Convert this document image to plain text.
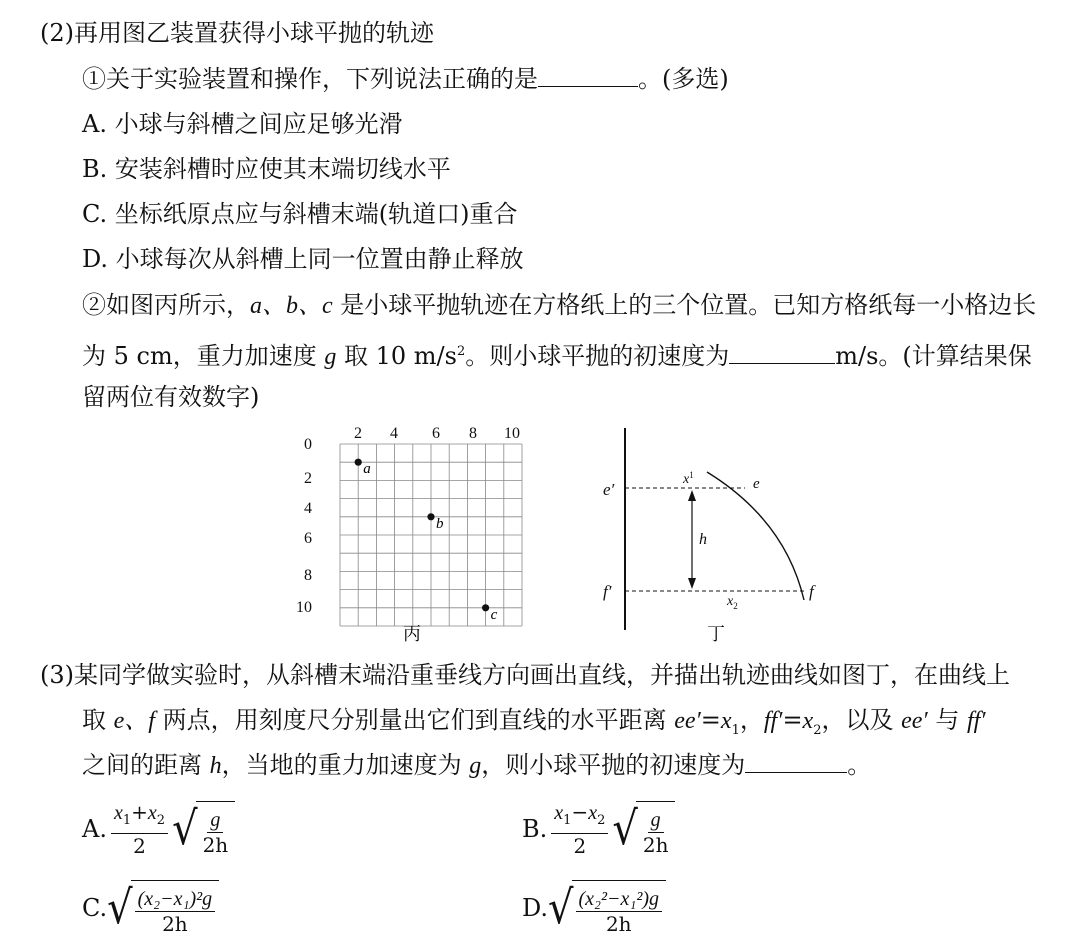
(2)再用图乙装置获得小球平抛的轨迹
①关于实验装置和操作，下列说法正确的是	。(多选)
A. 小球与斜槽之间应足够光滑
B. 安装斜槽时应使其末端切线水平
C. 坐标纸原点应与斜槽末端(轨道口)重合
D. 小球每次从斜槽上同一位置由静止释放
②如图丙所示，a、b、c 是小球平抛轨迹在方格纸上的三个位置。已知方格纸每一小格边长
为 5 cm，重力加速度 g 取 10 $m/s^2$。则小球平抛的初速度为	m/s。(计算结果保
留两位有效数字)
2 4 6 8 10
0
2
4
6
8
10
a
b
c
丙
e′	e
f′	f
$x^1$
$x_2$
h
丁
(3)某同学做实验时，从斜槽末端沿重垂线方向画出直线，并描出轨迹曲线如图丁，在曲线上
取 e、f 两点，用刻度尺分别量出它们到直线的水平距离 $ee'=x_1$，$ff'=x_2$，以及 ee′ 与 ff′
之间的距离 h，当地的重力加速度为 g，则小球平抛的初速度为	。
A. $\frac{x_1+x_2}{2}$ √ $\frac{g}{2h}$	B. $\frac{x_1-x_2}{2}$ √ $\frac{g}{2h}$
C. √ $\frac{\text{(x₂−x₁)²g}}{2h}$	D. √ $\frac{\text{(x₂²−x₁²)g}}{2h}$
